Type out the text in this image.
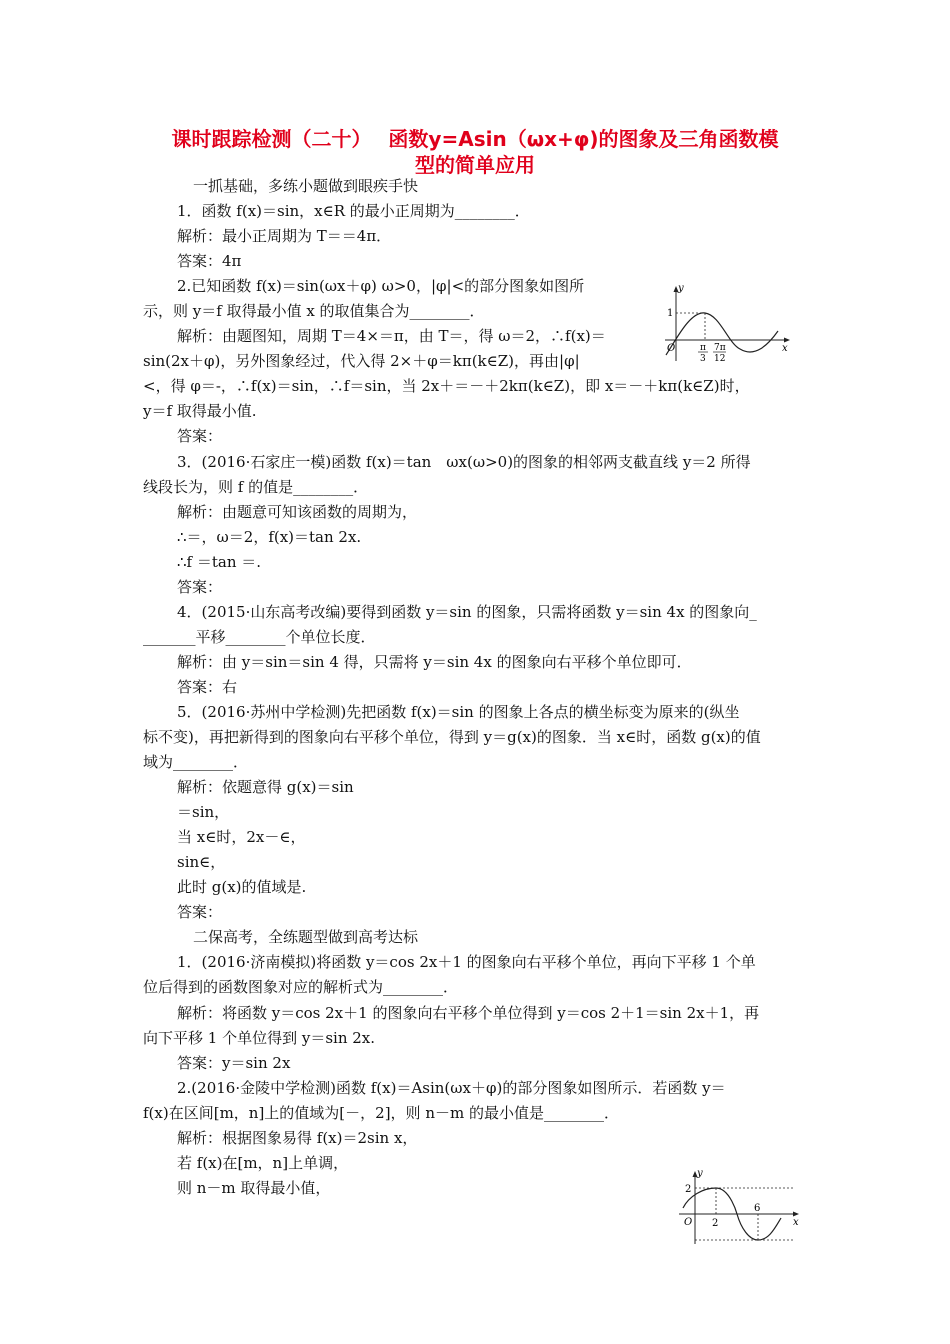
课时跟踪检测（二十）　 函数y=Asin（ωx+φ)的图象及三角函数模
型的简单应用
一抓基础，多练小题做到眼疾手快
1．函数 f(x)＝sin，x∈R 的最小正周期为________．
解析：最小正周期为 T＝＝4π．
答案：4π
2.已知函数 f(x)＝sin(ωx＋φ) ω>0，|φ|<的部分图象如图所
示，则 y＝f 取得最小值 x 的取值集合为________．
解析：由题图知，周期 T＝4×＝π，由 T＝，得 ω＝2，∴f(x)＝
sin(2x＋φ)，另外图象经过，代入得 2×＋φ＝kπ(k∈Z)，再由|φ|
<，得 φ＝-，∴f(x)＝sin，∴f＝sin，当 2x＋＝－＋2kπ(k∈Z)，即 x＝－＋kπ(k∈Z)时，
y＝f 取得最小值.
答案：
3．(2016·石家庄一模)函数 f(x)＝tan　ωx(ω>0)的图象的相邻两支截直线 y＝2 所得
线段长为，则 f 的值是________．
解析：由题意可知该函数的周期为，
∴＝，ω＝2，f(x)＝tan 2x.
∴f ＝tan ＝.
答案：
4．(2015·山东高考改编)要得到函数 y＝sin 的图象，只需将函数 y＝sin 4x 的图象向_
_______平移________个单位长度．
解析：由 y＝sin＝sin 4 得，只需将 y＝sin 4x 的图象向右平移个单位即可．
答案：右
5．(2016·苏州中学检测)先把函数 f(x)＝sin 的图象上各点的横坐标变为原来的(纵坐
标不变)，再把新得到的图象向右平移个单位，得到 y＝g(x)的图象．当 x∈时，函数 g(x)的值
域为________．
解析：依题意得 g(x)＝sin
＝sin，
当 x∈时，2x－∈，
sin∈，
此时 g(x)的值域是.
答案：
二保高考，全练题型做到高考达标
1．(2016·济南模拟)将函数 y＝cos 2x＋1 的图象向右平移个单位，再向下平移 1 个单
位后得到的函数图象对应的解析式为________．
解析：将函数 y＝cos 2x＋1 的图象向右平移个单位得到 y＝cos 2＋1＝sin 2x＋1，再
向下平移 1 个单位得到 y＝sin 2x.
答案：y＝sin 2x
2.(2016·金陵中学检测)函数 f(x)＝Asin(ωx＋φ)的部分图象如图所示．若函数 y＝
f(x)在区间[m，n]上的值域为[－，2]，则 n－m 的最小值是________．
解析：根据图象易得 f(x)＝2sin x，
若 f(x)在[m，n]上单调，
则 n－m 取得最小值，
y
x
1
O	π
3
7π
12
y
x
2
O 2
6
